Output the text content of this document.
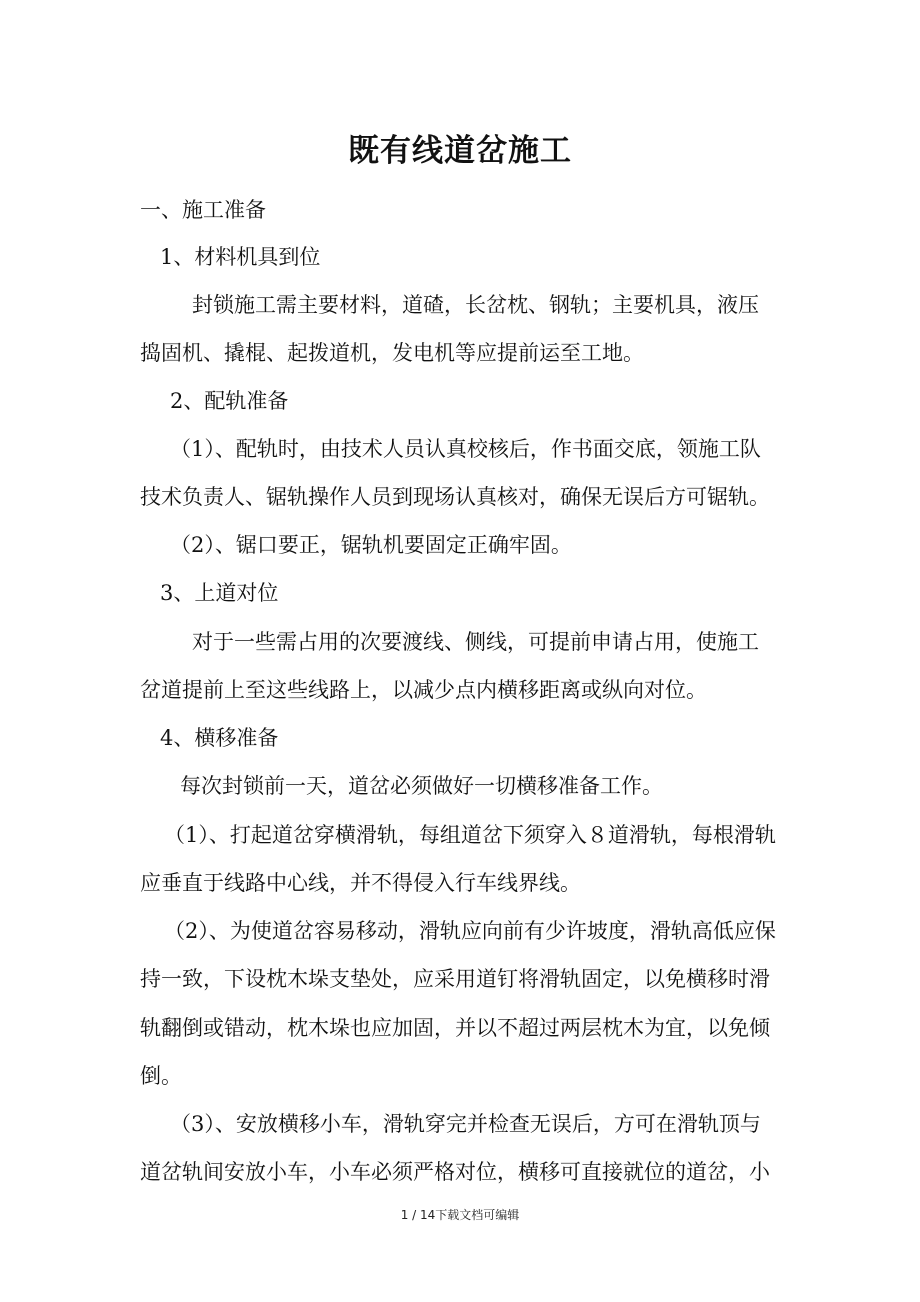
既有线道岔施工
一、施工准备
1、材料机具到位
封锁施工需主要材料，道碴，长岔枕、钢轨；主要机具，液压
捣固机、撬棍、起拨道机，发电机等应提前运至工地。
2、配轨准备
（1）、配轨时，由技术人员认真校核后，作书面交底，领施工队
技术负责人、锯轨操作人员到现场认真核对，确保无误后方可锯轨。
（2）、锯口要正，锯轨机要固定正确牢固。
3、上道对位
对于一些需占用的次要渡线、侧线，可提前申请占用，使施工
岔道提前上至这些线路上，以减少点内横移距离或纵向对位。
4、横移准备
每次封锁前一天，道岔必须做好一切横移准备工作。
（1）、打起道岔穿横滑轨，每组道岔下须穿入８道滑轨，每根滑轨
应垂直于线路中心线，并不得侵入行车线界线。
（2）、为使道岔容易移动，滑轨应向前有少许坡度，滑轨高低应保
持一致，下设枕木垛支垫处，应采用道钉将滑轨固定，以免横移时滑
轨翻倒或错动，枕木垛也应加固，并以不超过两层枕木为宜，以免倾
倒。
（3）、安放横移小车，滑轨穿完并检查无误后，方可在滑轨顶与
道岔轨间安放小车，小车必须严格对位，横移可直接就位的道岔，小
1 / 14下载文档可编辑
